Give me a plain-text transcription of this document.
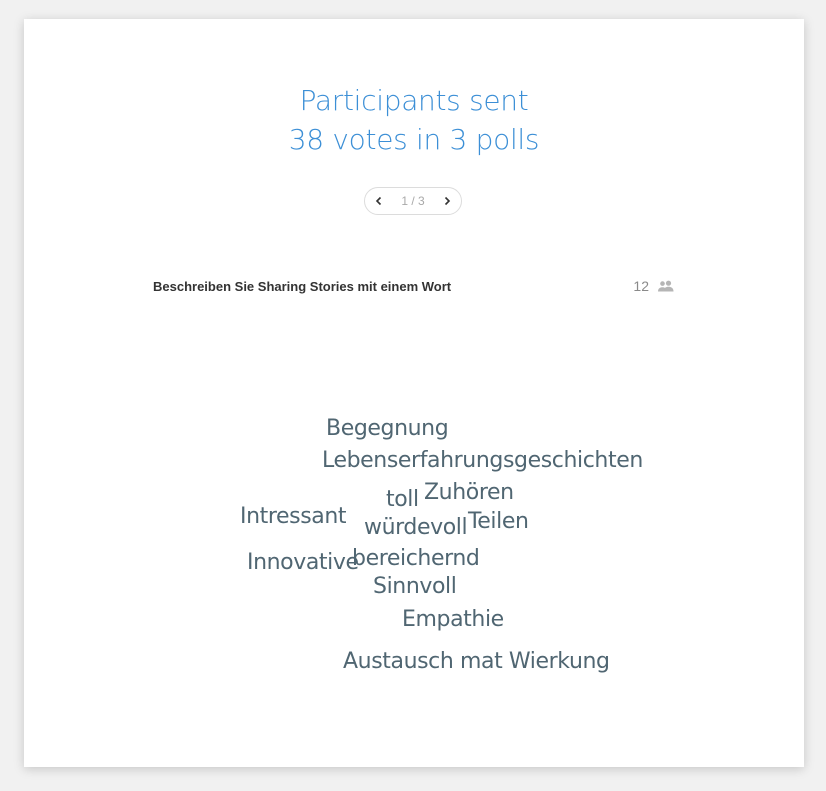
Participants sent
38 votes in 3 polls
1 / 3
Beschreiben Sie Sharing Stories mit einem Wort	12
Begegnung
Lebenserfahrungsgeschichten
toll Zuhören
Intressant würdevoll Teilen
Innovative
bereichernd
Sinnvoll
Empathie
Austausch mat Wierkung
